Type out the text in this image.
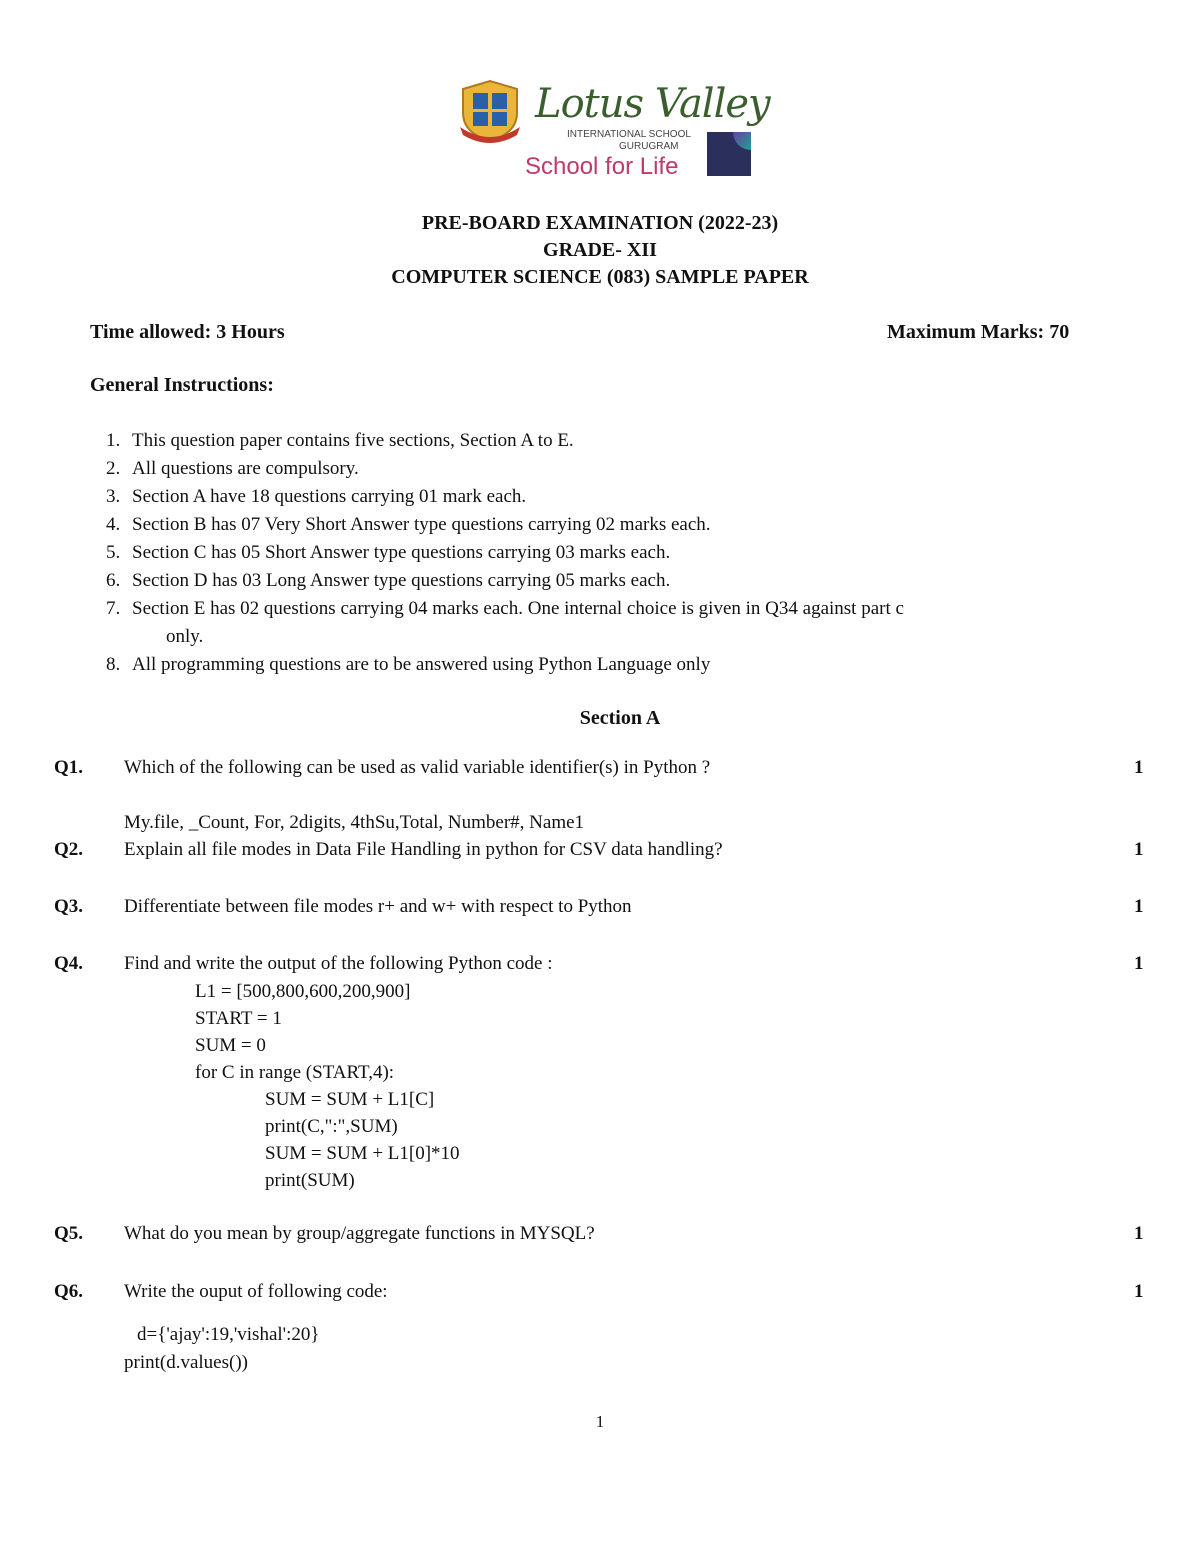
Lotus Valley
INTERNATIONAL SCHOOL
GURUGRAM
School for Life
PRE-BOARD EXAMINATION (2022-23)
GRADE- XII
COMPUTER SCIENCE (083) SAMPLE PAPER
Time allowed: 3 Hours	Maximum Marks: 70
General Instructions:
1. This question paper contains five sections, Section A to E.
2. All questions are compulsory.
3. Section A have 18 questions carrying 01 mark each.
4. Section B has 07 Very Short Answer type questions carrying 02 marks each.
5. Section C has 05 Short Answer type questions carrying 03 marks each.
6. Section D has 03 Long Answer type questions carrying 05 marks each.
7. Section E has 02 questions carrying 04 marks each. One internal choice is given in Q34 against part c
only.
8. All programming questions are to be answered using Python Language only
Section A
Q1. Which of the following can be used as valid variable identifier(s) in Python ?	1
My.file, _Count, For, 2digits, 4thSu,Total, Number#, Name1
Q2. Explain all file modes in Data File Handling in python for CSV data handling?	1
Q3. Differentiate between file modes r+ and w+ with respect to Python	1
Q4. Find and write the output of the following Python code :	1
L1 = [500,800,600,200,900]
START = 1
SUM = 0
for C in range (START,4):
SUM = SUM + L1[C]
print(C,":",SUM)
SUM = SUM + L1[0]*10
print(SUM)
Q5. What do you mean by group/aggregate functions in MYSQL?	1
Q6. Write the ouput of following code:	1
d={'ajay':19,'vishal':20}
print(d.values())
1
